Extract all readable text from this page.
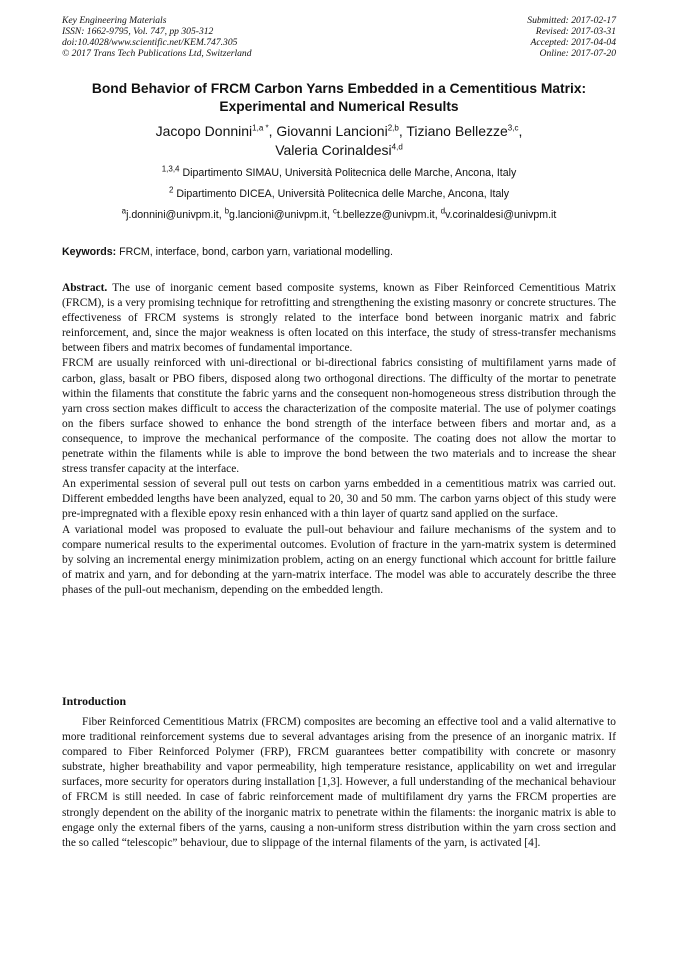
Key Engineering Materials
ISSN: 1662-9795, Vol. 747, pp 305-312
doi:10.4028/www.scientific.net/KEM.747.305
© 2017 Trans Tech Publications Ltd, Switzerland
Submitted: 2017-02-17
Revised: 2017-03-31
Accepted: 2017-04-04
Online: 2017-07-20
Bond Behavior of FRCM Carbon Yarns Embedded in a Cementitious Matrix: Experimental and Numerical Results
Jacopo Donnini$^{1,a *}$, Giovanni Lancioni$^{2,b}$, Tiziano Bellezze$^{3,c}$,
Valeria Corinaldesi$^{4,d}$
$^{1,3,4}$ Dipartimento SIMAU, Università Politecnica delle Marche, Ancona, Italy
$^2$ Dipartimento DICEA, Università Politecnica delle Marche, Ancona, Italy
$^a$j.donnini@univpm.it, $^b$g.lancioni@univpm.it, $^c$t.bellezze@univpm.it, $^d$v.corinaldesi@univpm.it
Keywords: FRCM, interface, bond, carbon yarn, variational modelling.

Abstract. The use of inorganic cement based composite systems, known as Fiber Reinforced Cementitious Matrix (FRCM), is a very promising technique for retrofitting and strengthening the existing masonry or concrete structures. The effectiveness of FRCM systems is strongly related to the interface bond between inorganic matrix and fabric reinforcement, and, since the major weakness is often located on this interface, the study of stress-transfer mechanisms between fibers and matrix becomes of fundamental importance.

FRCM are usually reinforced with uni-directional or bi-directional fabrics consisting of multifilament yarns made of carbon, glass, basalt or PBO fibers, disposed along two orthogonal directions. The difficulty of the mortar to penetrate within the filaments that constitute the fabric yarns and the consequent non-homogeneous stress distribution through the yarn cross section makes difficult to access the characterization of the composite material. The use of polymer coatings on the fibers surface showed to enhance the bond strength of the interface between fibers and mortar and, as a consequence, to improve the mechanical performance of the composite. The coating does not allow the mortar to penetrate within the filaments while is able to improve the bond between the two materials and to increase the shear stress transfer capacity at the interface.

An experimental session of several pull out tests on carbon yarns embedded in a cementitious matrix was carried out. Different embedded lengths have been analyzed, equal to 20, 30 and 50 mm. The carbon yarns object of this study were pre-impregnated with a flexible epoxy resin enhanced with a thin layer of quartz sand applied on the surface.

A variational model was proposed to evaluate the pull-out behaviour and failure mechanisms of the system and to compare numerical results to the experimental outcomes. Evolution of fracture in the yarn-matrix system is determined by solving an incremental energy minimization problem, acting on an energy functional which account for brittle failure of matrix and yarn, and for debonding at the yarn-matrix interface. The model was able to accurately describe the three phases of the pull-out mechanism, depending on the embedded length.

Introduction

Fiber Reinforced Cementitious Matrix (FRCM) composites are becoming an effective tool and a valid alternative to more traditional reinforcement systems due to several advantages arising from the presence of an inorganic matrix. If compared to Fiber Reinforced Polymer (FRP), FRCM guarantees better compatibility with concrete or masonry substrate, higher breathability and vapor permeability, high temperature resistance, applicability on wet and irregular surfaces, more security for operators during installation [1,3]. However, a full understanding of the mechanical behaviour of FRCM is still needed. In case of fabric reinforcement made of multifilament dry yarns the FRCM properties are strongly dependent on the ability of the inorganic matrix to penetrate within the filaments: the inorganic matrix is able to engage only the external fibers of the yarns, causing a non-uniform stress distribution within the yarn cross section and the so called “telescopic” behaviour, due to slippage of the internal filaments of the yarn, is activated [4].
